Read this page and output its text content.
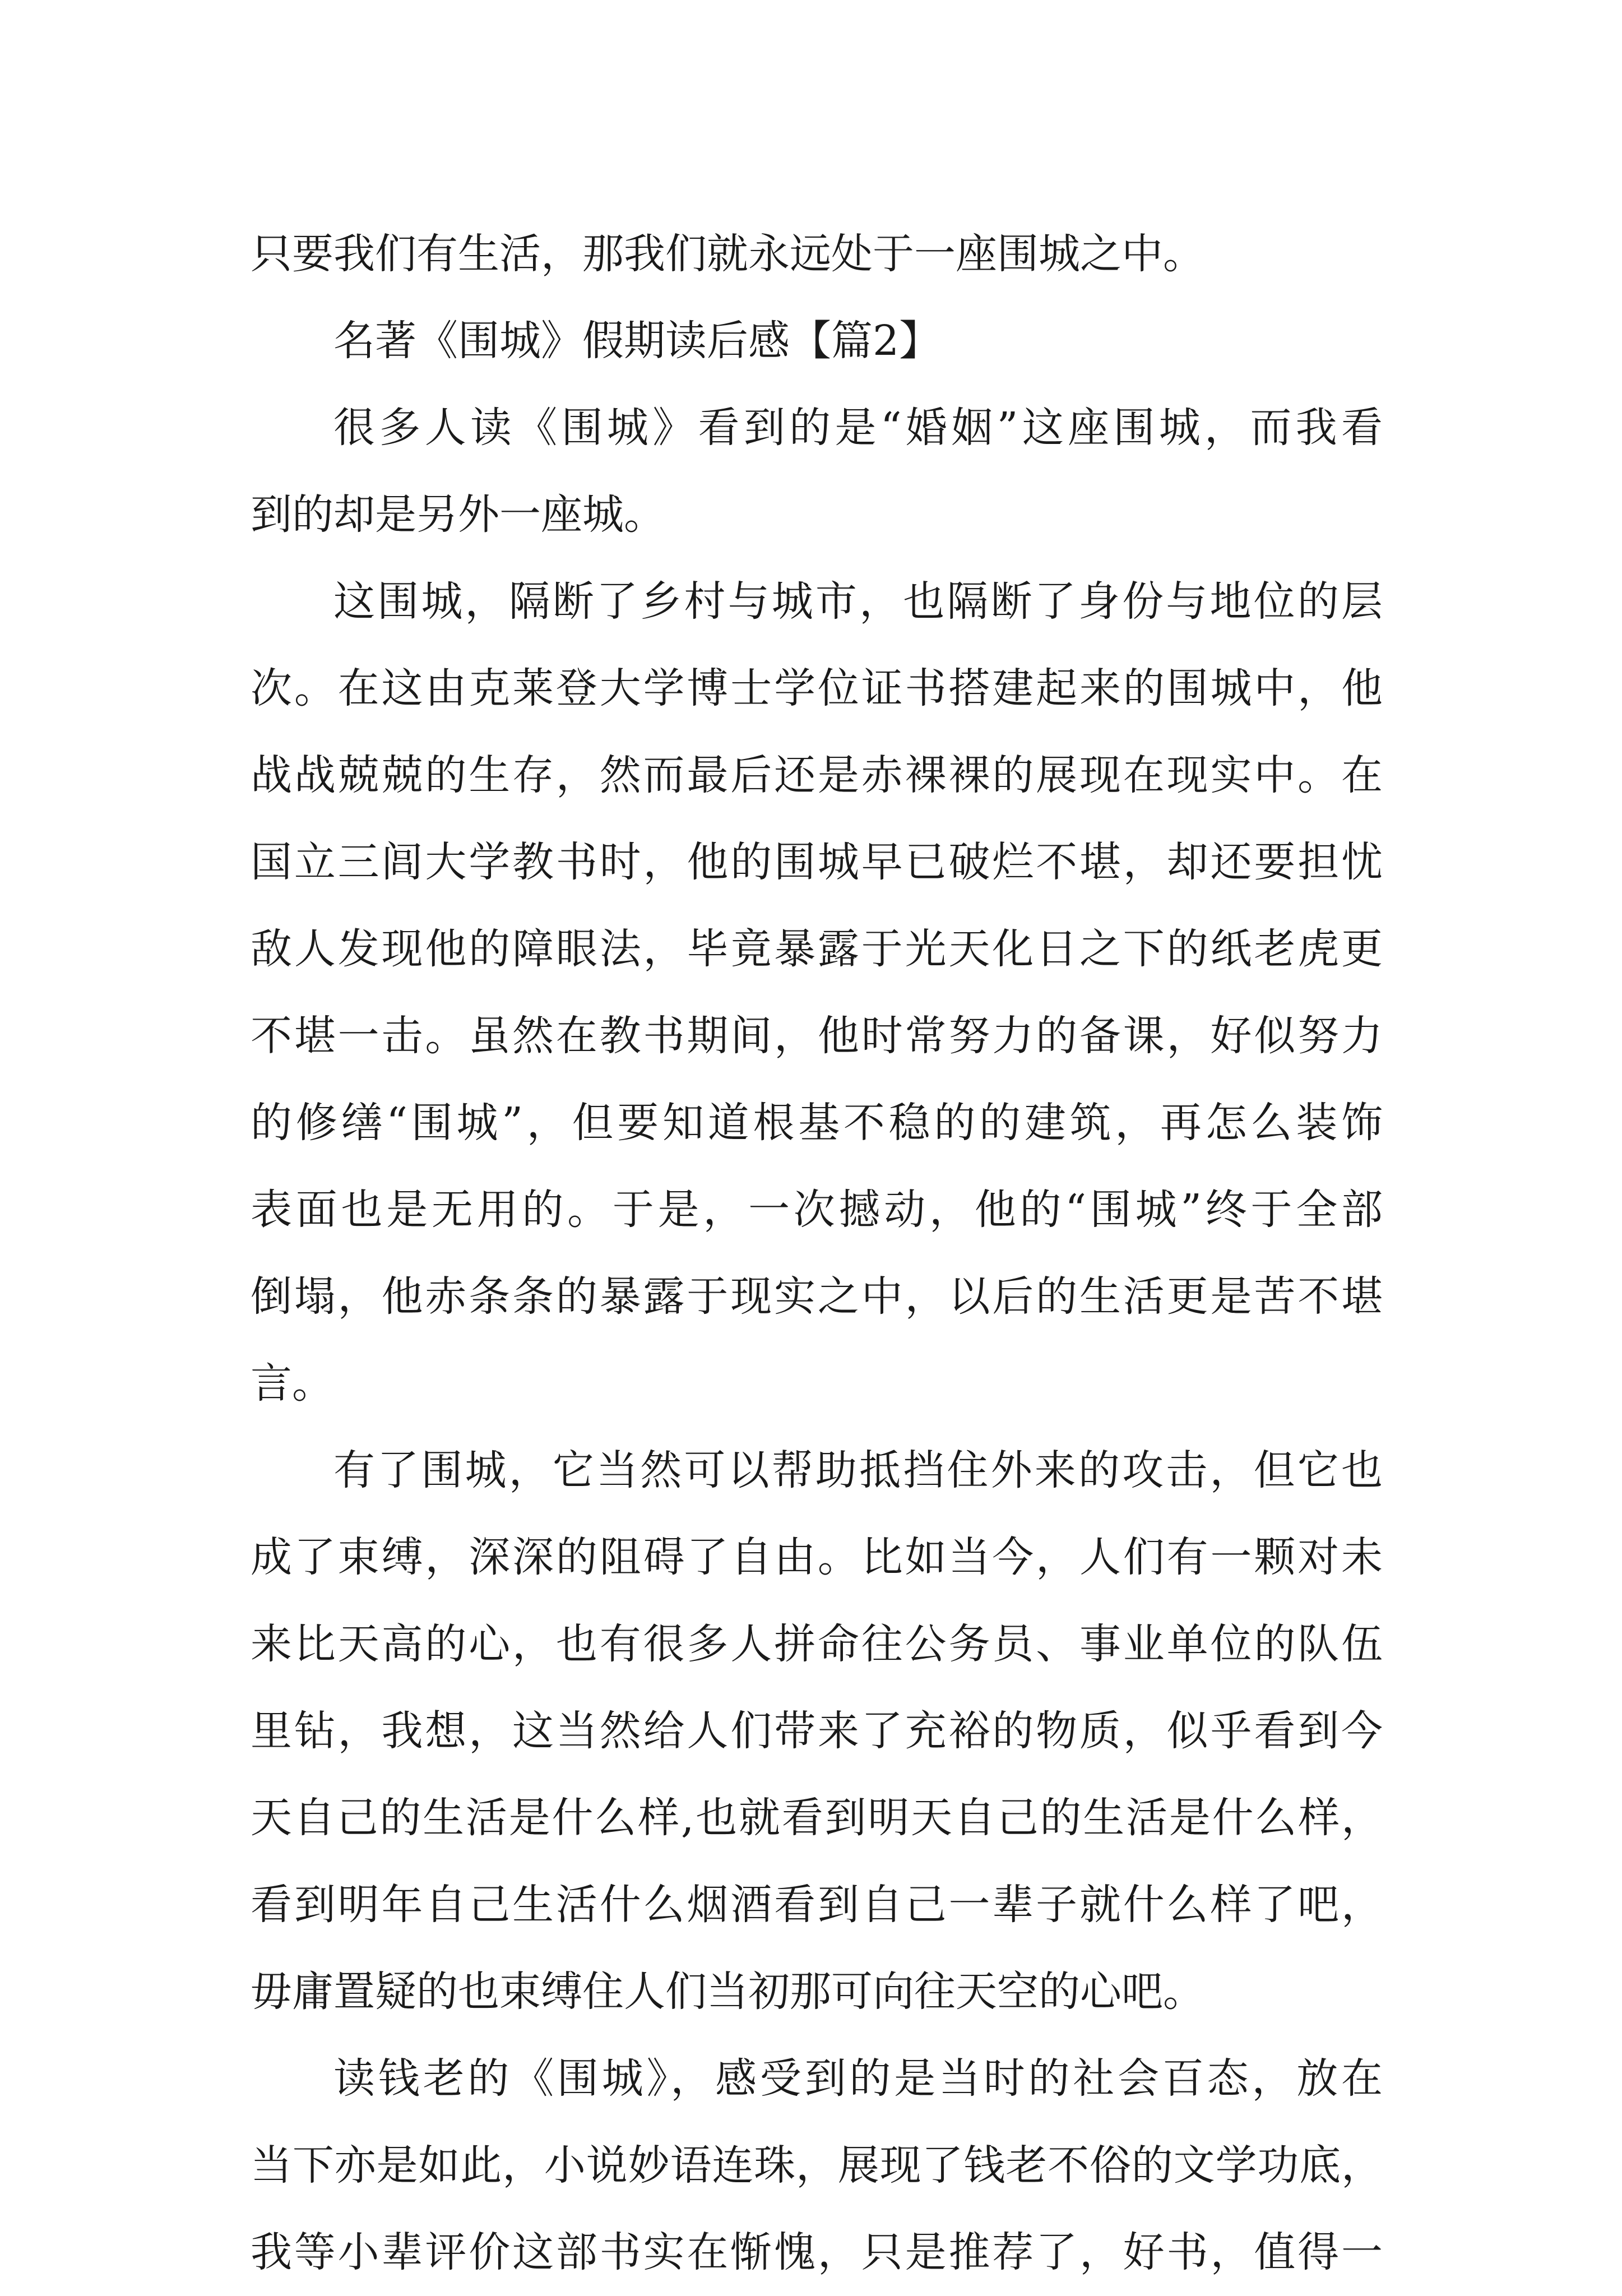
只要我们有生活，那我们就永远处于一座围城之中。
名著《围城》假期读后感【篇2】
很多人读《围城》看到的是“婚姻”这座围城，而我看
到的却是另外一座城。
这围城，隔断了乡村与城市，也隔断了身份与地位的层
次。在这由克莱登大学博士学位证书搭建起来的围城中，他
战战兢兢的生存，然而最后还是赤裸裸的展现在现实中。在
国立三闾大学教书时，他的围城早已破烂不堪，却还要担忧
敌人发现他的障眼法，毕竟暴露于光天化日之下的纸老虎更
不堪一击。虽然在教书期间，他时常努力的备课，好似努力
的修缮“围城”，但要知道根基不稳的的建筑，再怎么装饰
表面也是无用的。于是，一次撼动，他的“围城”终于全部
倒塌，他赤条条的暴露于现实之中，以后的生活更是苦不堪
言。
有了围城，它当然可以帮助抵挡住外来的攻击，但它也
成了束缚，深深的阻碍了自由。比如当今，人们有一颗对未
来比天高的心，也有很多人拼命往公务员、事业单位的队伍
里钻，我想，这当然给人们带来了充裕的物质，似乎看到今
天自己的生活是什么样,也就看到明天自己的生活是什么样，
看到明年自己生活什么烟酒看到自己一辈子就什么样了吧，
毋庸置疑的也束缚住人们当初那可向往天空的心吧。
读钱老的《围城》，感受到的是当时的社会百态，放在
当下亦是如此，小说妙语连珠，展现了钱老不俗的文学功底，
我等小辈评价这部书实在惭愧，只是推荐了，好书，值得一
